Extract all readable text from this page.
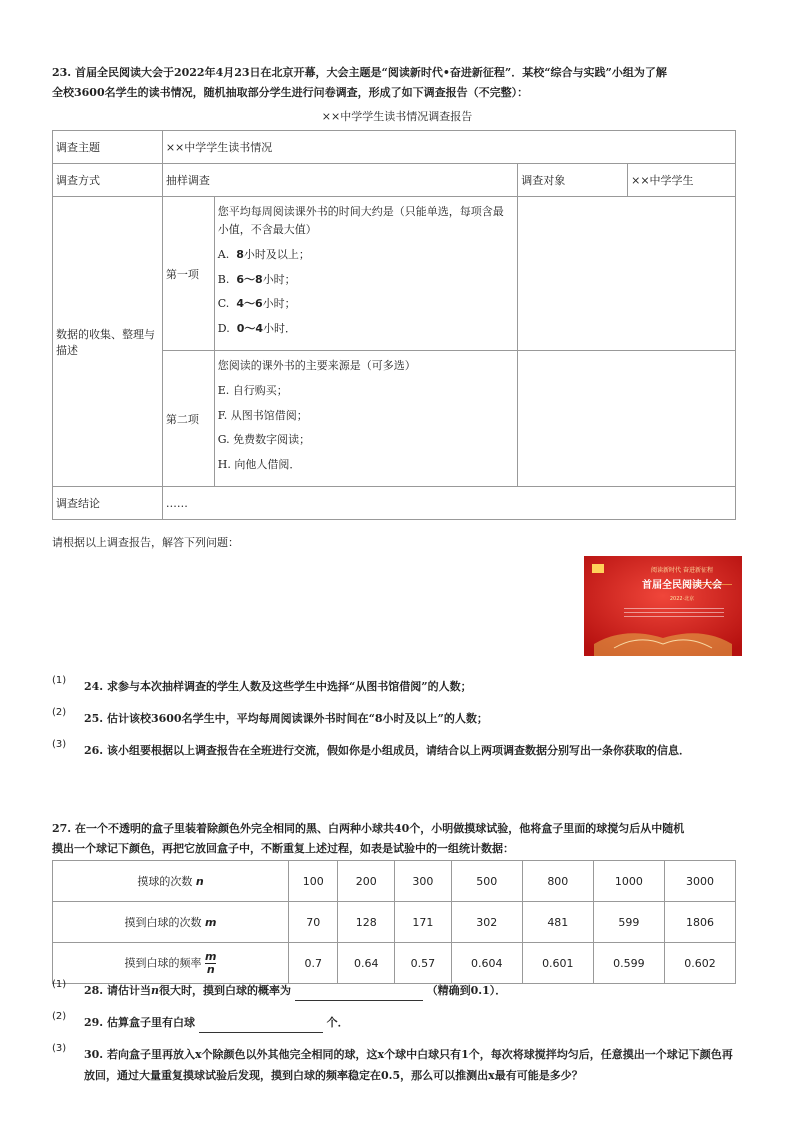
23. 首届全民阅读大会于2022年4月23日在北京开幕，大会主题是“阅读新时代•奋进新征程”．某校“综合与实践”小组为了解
全校3600名学生的读书情况，随机抽取部分学生进行问卷调查，形成了如下调查报告（不完整）：
××中学学生读书情况调查报告
调查主题	××中学学生读书情况			
调查方式	抽样调查		调查对象	××中学学生
数据的收集、整理与描述	第一项	您平均每周阅读课外书的时间大约是（只能单选，每项含最小值，不含最大值）
A. 8小时及以上；
B. 6～8小时；
C. 4～6小时；
D. 0～4小时．		

	第二项	您阅读的课外书的主要来源是（可多选）
E. 自行购买；
F. 从图书馆借阅；
G. 免费数字阅读；
H. 向他人借阅．		

调查结论	……			
请根据以上调查报告，解答下列问题：
阅读新时代 奋进新征程
首届全民阅读大会
2022·北京
(1) 24. 求参与本次抽样调查的学生人数及这些学生中选择“从图书馆借阅”的人数；
(2) 25. 估计该校3600名学生中，平均每周阅读课外书时间在“8小时及以上”的人数；
(3) 26. 该小组要根据以上调查报告在全班进行交流，假如你是小组成员，请结合以上两项调查数据分别写出一条你获取的信息．
27. 在一个不透明的盒子里装着除颜色外完全相同的黑、白两种小球共40个，小明做摸球试验，他将盒子里面的球搅匀后从中随机
摸出一个球记下颜色，再把它放回盒子中，不断重复上述过程，如表是试验中的一组统计数据：
摸球的次数 n	100	200	300	500	800	1000	3000
摸到白球的次数 m	70	128	171	302	481	599	1806
摸到白球的频率 $\frac{m}{n}$	0.7	0.64	0.57	0.604	0.601	0.599	0.602
(1) 28. 请估计当n很大时，摸到白球的概率为	（精确到0.1）．
(2) 29. 估算盒子里有白球	个．
(3) 30. 若向盒子里再放入x个除颜色以外其他完全相同的球，这x个球中白球只有1个，每次将球搅拌均匀后，任意摸出一个球记下颜色再放回，通过大量重复摸球试验后发现，摸到白球的频率稳定在0.5，那么可以推测出x最有可能是多少？
